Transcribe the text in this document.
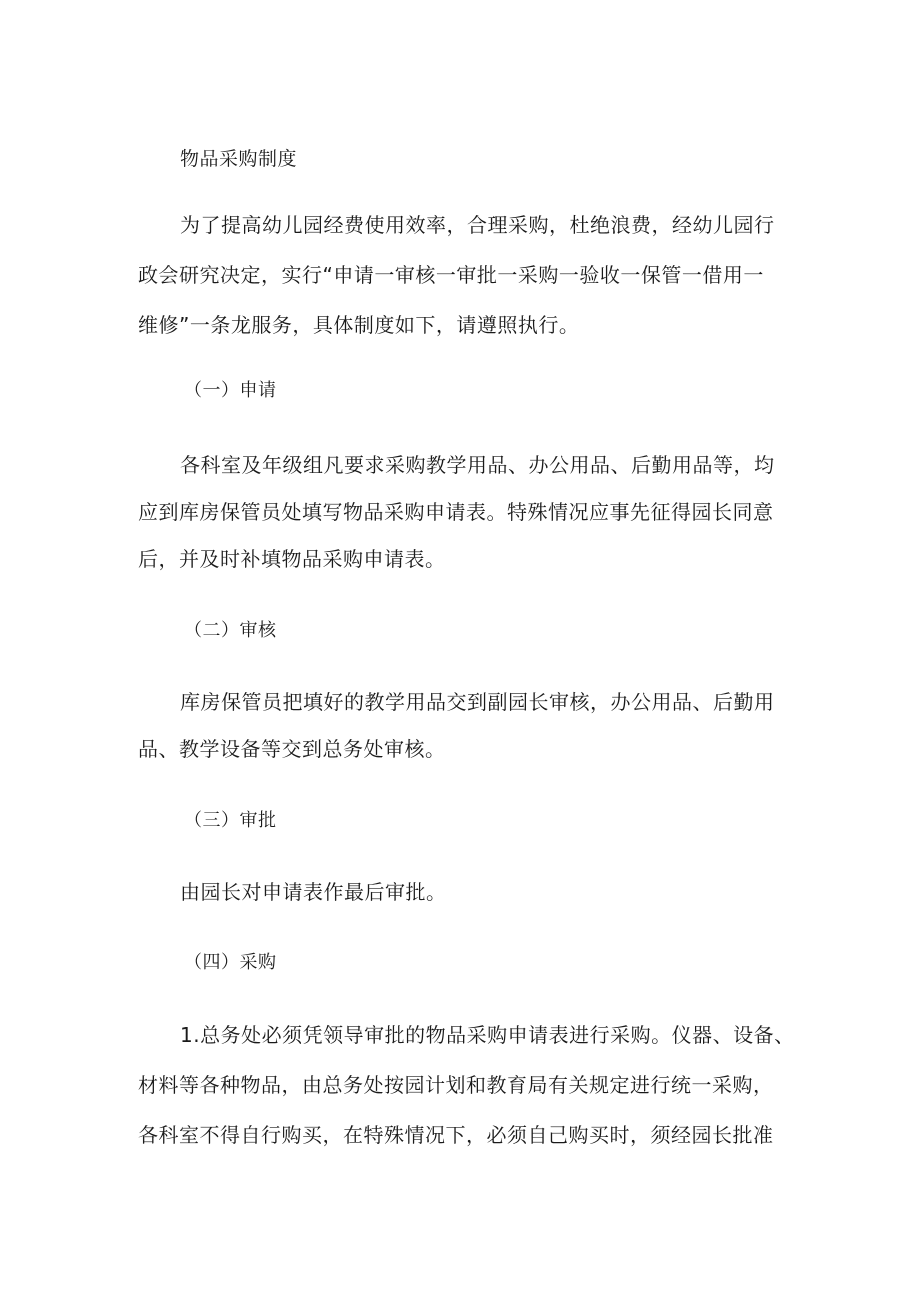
物品采购制度
为了提高幼儿园经费使用效率，合理采购，杜绝浪费，经幼儿园行
政会研究决定，实行“申请一审核一审批一采购一验收一保管一借用一
维修”一条龙服务，具体制度如下，请遵照执行。
（一）申请
各科室及年级组凡要求采购教学用品、办公用品、后勤用品等，均
应到库房保管员处填写物品采购申请表。特殊情况应事先征得园长同意
后，并及时补填物品采购申请表。
（二）审核
库房保管员把填好的教学用品交到副园长审核，办公用品、后勤用
品、教学设备等交到总务处审核。
（三）审批
由园长对申请表作最后审批。
（四）采购
1.总务处必须凭领导审批的物品采购申请表进行采购。仪器、设备、
材料等各种物品，由总务处按园计划和教育局有关规定进行统一采购，
各科室不得自行购买，在特殊情况下，必须自己购买时，须经园长批准
